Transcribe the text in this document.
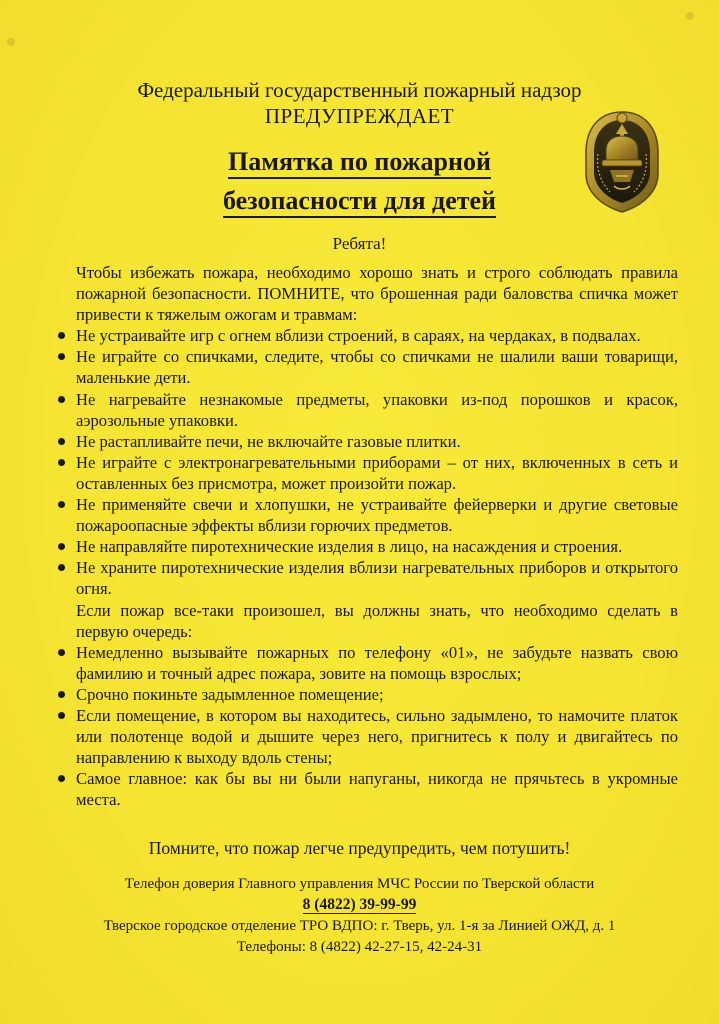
Федеральный государственный пожарный надзор
ПРЕДУПРЕЖДАЕТ
Памятка по пожарной
безопасности для детей
Ребята!

Чтобы избежать пожара, необходимо хорошо знать и строго соблюдать правила пожарной безопасности. ПОМНИТЕ, что брошенная ради баловства спичка может привести к тяжелым ожогам и травмам:

Не устраивайте игр с огнем вблизи строений, в сараях, на чердаках, в подвалах.
Не играйте со спичками, следите, чтобы со спичками не шалили ваши товарищи, маленькие дети.
Не нагревайте незнакомые предметы, упаковки из-под порошков и красок, аэрозольные упаковки.
Не растапливайте печи, не включайте газовые плитки.
Не играйте с электронагревательными приборами – от них, включенных в сеть и оставленных без присмотра, может произойти пожар.
Не применяйте свечи и хлопушки, не устраивайте фейерверки и другие световые пожароопасные эффекты вблизи горючих предметов.
Не направляйте пиротехнические изделия в лицо, на насаждения и строения.
Не храните пиротехнические изделия вблизи нагревательных приборов и открытого огня.

Если пожар все-таки произошел, вы должны знать, что необходимо сделать в первую очередь:

Немедленно вызывайте пожарных по телефону «01», не забудьте назвать свою фамилию и точный адрес пожара, зовите на помощь взрослых;
Срочно покиньте задымленное помещение;
Если помещение, в котором вы находитесь, сильно задымлено, то намочите платок или полотенце водой и дышите через него, пригнитесь к полу и двигайтесь по направлению к выходу вдоль стены;
Самое главное: как бы вы ни были напуганы, никогда не прячьтесь в укромные места.
Помните, что пожар легче предупредить, чем потушить!
Телефон доверия Главного управления МЧС России по Тверской области
8 (4822) 39-99-99
Тверское городское отделение ТРО ВДПО: г. Тверь, ул. 1-я за Линией ОЖД, д. 1
Телефоны: 8 (4822) 42-27-15, 42-24-31
